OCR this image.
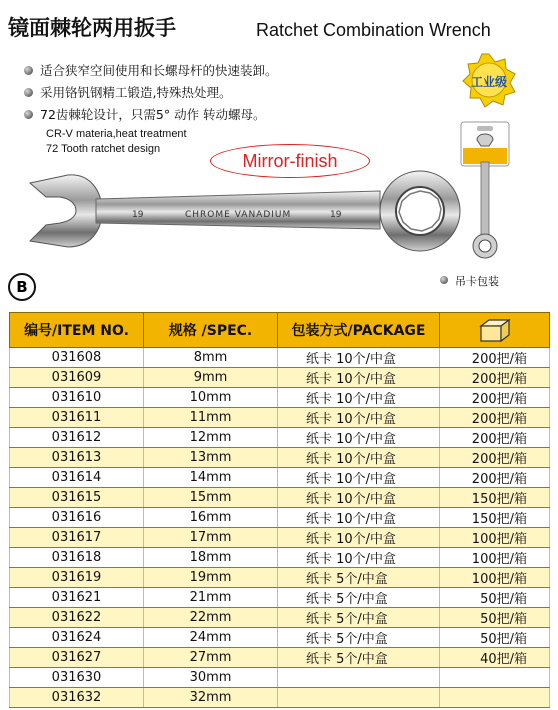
镜面棘轮两用扳手	Ratchet Combination Wrench
适合狭窄空间使用和长螺母杆的快速装卸。
采用铬钒钢精工锻造,特殊热处理。
72齿棘轮设计，只需5° 动作 转动螺母。
CR-V materia,heat treatment
72 Tooth ratchet design
工业级
Mirror-finish
19	CHROME VANADIUM	19
吊卡包装
B
编号/ITEM NO.	规格 /SPEC.	包装方式/PACKAGE	
031608	8mm	纸卡 10个/中盒	200把/箱
031609	9mm	纸卡 10个/中盒	200把/箱
031610	10mm	纸卡 10个/中盒	200把/箱
031611	11mm	纸卡 10个/中盒	200把/箱
031612	12mm	纸卡 10个/中盒	200把/箱
031613	13mm	纸卡 10个/中盒	200把/箱
031614	14mm	纸卡 10个/中盒	200把/箱
031615	15mm	纸卡 10个/中盒	150把/箱
031616	16mm	纸卡 10个/中盒	150把/箱
031617	17mm	纸卡 10个/中盒	100把/箱
031618	18mm	纸卡 10个/中盒	100把/箱
031619	19mm	纸卡 5个/中盒	100把/箱
031621	21mm	纸卡 5个/中盒	50把/箱
031622	22mm	纸卡 5个/中盒	50把/箱
031624	24mm	纸卡 5个/中盒	50把/箱
031627	27mm	纸卡 5个/中盒	40把/箱
031630	30mm		
031632	32mm		
